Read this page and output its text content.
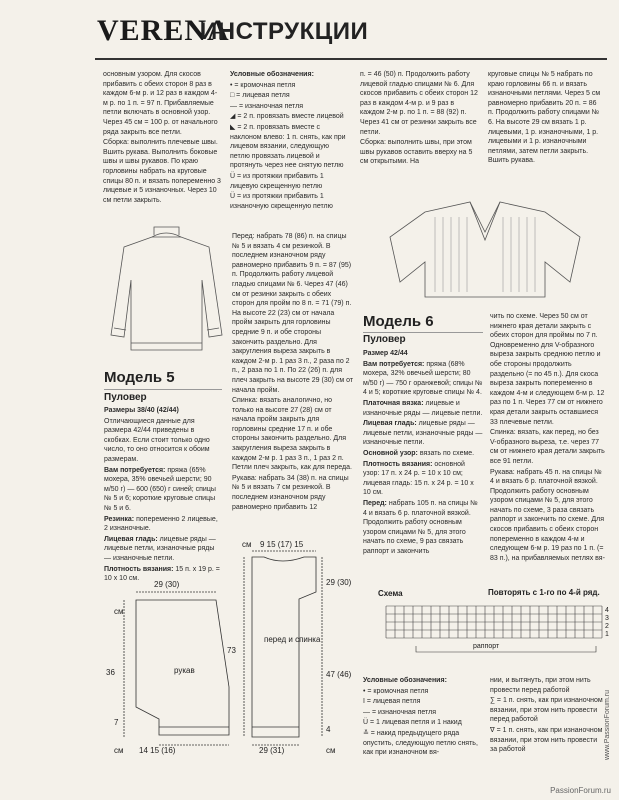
VERENA
ИНСТРУКЦИИ

основным узором. Для скосов прибавить с обеих сторон 8 раз в каждом 6-м р. и 12 раз в каждом 4-м р. по 1 п. = 97 п. Прибавляемые петли включать в основной узор. Через 45 см = 100 р. от начального ряда закрыть все петли.

Сборка: выполнить плечевые швы. Вшить рукава. Выполнить боковые швы и швы рукавов. По краю горловины набрать на круговые спицы 80 п. и вязать попеременно 3 лицевые и 5 изнаночных. Через 10 см петли закрыть.

Условные обозначения:

• = кромочная петля

□ = лицевая петля

— = изнаночная петля

◢ = 2 п. провязать вместе лицевой

◣ = 2 п. провязать вместе с наклоном влево: 1 п. снять, как при лицевом вязании, следующую петлю провязать лицевой и протянуть через нее снятую петлю

Ü = из протяжки прибавить 1 лицевую скрещенную петлю

Ü = из протяжки прибавить 1 изнаночную скрещенную петлю

п. = 46 (50) п. Продолжить работу лицевой гладью спицами № 6. Для скосов прибавить с обеих сторон 12 раз в каждом 4-м р. и 9 раз в каждом 2-м р. по 1 п. = 88 (92) п. Через 41 см от резинки закрыть все петли.

Сборка: выполнить швы, при этом швы рукавов оставить вверху на 5 см открытыми. На

круговые спицы № 5 набрать по краю горловины 66 п. и вязать изнаночными петлями. Через 5 см равномерно прибавить 20 п. = 86 п. Продолжить работу спицами № 6. На высоте 29 см вязать 1 р. лицевыми, 1 р. изнаночными, 1 р. лицевыми и 1 р. изнаночными петлями, затем петли закрыть. Вшить рукава.

Перед: набрать 78 (86) п. на спицы № 5 и вязать 4 см резинкой. В последнем изнаночном ряду равномерно прибавить 9 п. = 87 (95) п. Продолжить работу лицевой гладью спицами № 6. Через 47 (46) см от резинки закрыть с обеих сторон для пройм по 8 п. = 71 (79) п. На высоте 22 (23) см от начала пройм закрыть для горловины средние 9 п. и обе стороны закончить раздельно. Для закругления выреза закрыть в каждом 2-м р. 1 раз 3 п., 2 раза по 2 п., 2 раза по 1 п. По 22 (26) п. для плеч закрыть на высоте 29 (30) см от начала пройм.

Спинка: вязать аналогично, но только на высоте 27 (28) см от начала пройм закрыть для горловины средние 17 п. и обе стороны закончить раздельно. Для закругления выреза закрыть в каждом 2-м р. 1 раз 3 п., 1 раз 2 п. Петли плеч закрыть, как для переда.

Рукава: набрать 34 (38) п. на спицы № 5 и вязать 7 см резинкой. В последнем изнаночном ряду равномерно прибавить 12

Модель 5
Пуловер

Размеры 38/40 (42/44)

Отличающиеся данные для размера 42/44 приведены в скобках. Если стоит только одно число, то оно относится к обоим размерам.

Вам потребуется: пряжа (65% мохера, 35% овечьей шерсти; 90 м/50 г) — 600 (650) г синей; спицы № 5 и 6; короткие круговые спицы № 5 и 6.

Резинка: попеременно 2 лицевые, 2 изнаночные.

Лицевая гладь: лицевые ряды — лицевые петли, изнаночные ряды — изнаночные петли.

Плотность вязания: 15 п. х 19 р. = 10 х 10 см.

см
29 (30)
36
7
см 14 15 (16)
рукав
см 9 15 (17) 15
29 (30)
73
47 (46)
4
см
29 (31)
перед и спинка
Модель 6
Пуловер

Размер 42/44

Вам потребуется: пряжа (68% мохера, 32% овечьей шерсти; 80 м/50 г) — 750 г оранжевой; спицы № 4 и 5; короткие круговые спицы № 4.

Платочная вязка: лицевые и изнаночные ряды — лицевые петли.

Лицевая гладь: лицевые ряды — лицевые петли, изнаночные ряды — изнаночные петли.

Основной узор: вязать по схеме.

Плотность вязания: основной узор: 17 п. х 24 р. = 10 х 10 см; лицевая гладь: 15 п. х 24 р. = 10 х 10 см.

Перед: набрать 105 п. на спицы № 4 и вязать 6 р. платочной вязкой. Продолжить работу основным узором спицами № 5, для этого начать по схеме, 9 раз связать раппорт и закончить

чить по схеме. Через 50 см от нижнего края детали закрыть с обеих сторон для проймы по 7 п. Одновременно для V-образного выреза закрыть среднюю петлю и обе стороны продолжить раздельно (= по 45 п.). Для скоса выреза закрыть попеременно в каждом 4-м и следующем 6-м р. 12 раз по 1 п. Через 77 см от нижнего края детали закрыть оставшиеся 33 плечевые петли.

Спинка: вязать, как перед, но без V-образного выреза, т.е. через 77 см от нижнего края детали закрыть все 91 петли.

Рукава: набрать 45 п. на спицы № 4 и вязать 6 р. платочной вязкой. Продолжить работу основным узором спицами № 5, для этого начать по схеме, 3 раза связать раппорт и закончить по схеме. Для скосов прибавить с обеих сторон попеременно в каждом 4-м и следующем 6-м р. 19 раз по 1 п. (= 83 п.), на прибавляемых петлях вя-

Схема	Повторять с 1-го по 4-й ряд.
4
3
2
1
раппорт

Условные обозначения:

• = кромочная петля

I = лицевая петля

— = изнаночная петля

Ü = 1 лицевая петля и 1 накид

≚ = накид предыдущего ряда опустить, следующую петлю снять, как при изнаночном вя-

нии, и вытянуть, при этом нить провести перед работой

∑ = 1 п. снять, как при изнаночном вязании, при этом нить провести перед работой

∇ = 1 п. снять, как при изнаночном вязании, при этом нить провести за работой	www.PassionForum.ru
PassionForum.ru
